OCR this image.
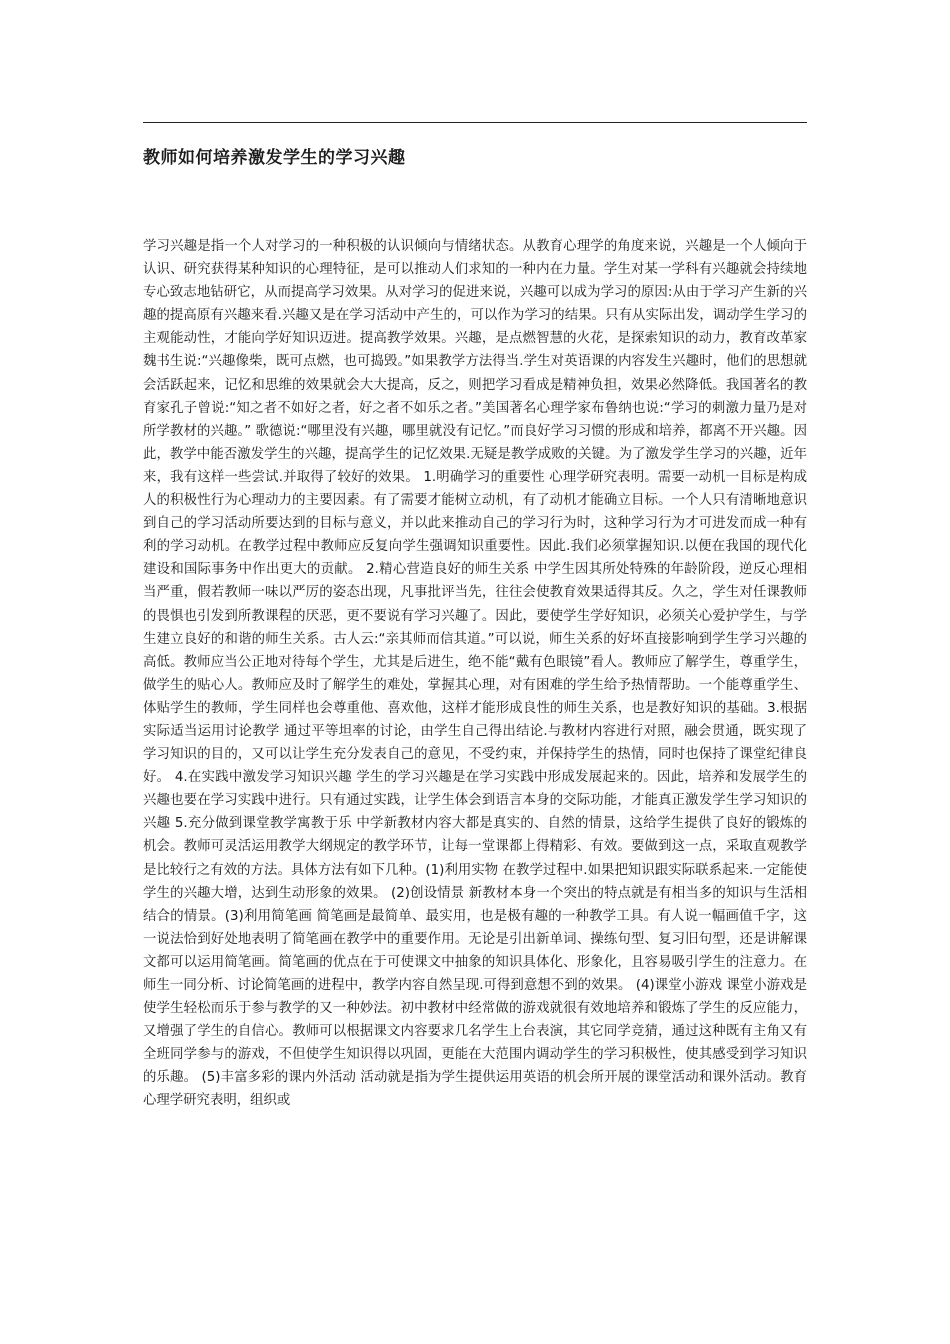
教师如何培养激发学生的学习兴趣

学习兴趣是指一个人对学习的一种积极的认识倾向与情绪状态。从教育心理学的角度来说，兴趣是一个人倾向于认识、研究获得某种知识的心理特征，是可以推动人们求知的一种内在力量。学生对某一学科有兴趣就会持续地专心致志地钻研它，从而提高学习效果。从对学习的促进来说，兴趣可以成为学习的原因:从由于学习产生新的兴趣的提高原有兴趣来看.兴趣又是在学习活动中产生的，可以作为学习的结果。只有从实际出发，调动学生学习的主观能动性，才能向学好知识迈进。提高教学效果。兴趣，是点燃智慧的火花，是探索知识的动力，教育改革家魏书生说:“兴趣像柴，既可点燃，也可捣毁。”如果教学方法得当.学生对英语课的内容发生兴趣时，他们的思想就会活跃起来，记忆和思维的效果就会大大提高，反之，则把学习看成是精神负担，效果必然降低。我国著名的教育家孔子曾说:“知之者不如好之者，好之者不如乐之者。”美国著名心理学家布鲁纳也说:“学习的刺激力量乃是对所学教材的兴趣。” 歌德说:“哪里没有兴趣，哪里就没有记忆。”而良好学习习惯的形成和培养，都离不开兴趣。因此，教学中能否激发学生的兴趣，提高学生的记忆效果.无疑是教学成败的关键。为了激发学生学习的兴趣，近年来，我有这样一些尝试.并取得了较好的效果。 1.明确学习的重要性 心理学研究表明。需要一动机一目标是构成人的积极性行为心理动力的主要因素。有了需要才能树立动机，有了动机才能确立目标。一个人只有清晰地意识到自己的学习活动所要达到的目标与意义，并以此来推动自己的学习行为时，这种学习行为才可进发而成一种有利的学习动机。在教学过程中教师应反复向学生强调知识重要性。因此.我们必须掌握知识.以便在我国的现代化建设和国际事务中作出更大的贡献。 2.精心营造良好的师生关系 中学生因其所处特殊的年龄阶段，逆反心理相当严重，假若教师一味以严厉的姿态出现，凡事批评当先，往往会使教育效果适得其反。久之，学生对任课教师的畏惧也引发到所教课程的厌恶，更不要说有学习兴趣了。因此，要使学生学好知识，必须关心爱护学生，与学生建立良好的和谐的师生关系。古人云:“亲其师而信其道。”可以说，师生关系的好坏直接影响到学生学习兴趣的高低。教师应当公正地对待每个学生，尤其是后进生，绝不能“戴有色眼镜”看人。教师应了解学生，尊重学生，做学生的贴心人。教师应及时了解学生的难处，掌握其心理，对有困难的学生给予热情帮助。一个能尊重学生、体贴学生的教师，学生同样也会尊重他、喜欢他，这样才能形成良性的师生关系，也是教好知识的基础。3.根据实际适当运用讨论教学 通过平等坦率的讨论，由学生自己得出结论.与教材内容进行对照，融会贯通，既实现了学习知识的目的，又可以让学生充分发表自己的意见，不受约束，并保持学生的热情，同时也保持了课堂纪律良好。 4.在实践中激发学习知识兴趣 学生的学习兴趣是在学习实践中形成发展起来的。因此，培养和发展学生的兴趣也要在学习实践中进行。只有通过实践，让学生体会到语言本身的交际功能，才能真正激发学生学习知识的兴趣 5.充分做到课堂教学寓教于乐 中学新教材内容大都是真实的、自然的情景，这给学生提供了良好的锻炼的机会。教师可灵活运用教学大纲规定的教学环节，让每一堂课都上得精彩、有效。要做到这一点，采取直观教学是比较行之有效的方法。具体方法有如下几种。(1)利用实物 在教学过程中.如果把知识跟实际联系起来.一定能使学生的兴趣大增，达到生动形象的效果。 (2)创设情景 新教材本身一个突出的特点就是有相当多的知识与生活相结合的情景。(3)利用简笔画 简笔画是最简单、最实用，也是极有趣的一种教学工具。有人说一幅画值千字，这一说法恰到好处地表明了简笔画在教学中的重要作用。无论是引出新单词、操练句型、复习旧句型，还是讲解课文都可以运用简笔画。简笔画的优点在于可使课文中抽象的知识具体化、形象化，且容易吸引学生的注意力。在师生一同分析、讨论简笔画的进程中，教学内容自然呈现.可得到意想不到的效果。 (4)课堂小游戏 课堂小游戏是使学生轻松而乐于参与教学的又一种妙法。初中教材中经常做的游戏就很有效地培养和锻炼了学生的反应能力，又增强了学生的自信心。教师可以根据课文内容要求几名学生上台表演，其它同学竞猜，通过这种既有主角又有全班同学参与的游戏，不但使学生知识得以巩固，更能在大范围内调动学生的学习积极性，使其感受到学习知识的乐趣。 (5)丰富多彩的课内外活动 活动就是指为学生提供运用英语的机会所开展的课堂活动和课外活动。教育心理学研究表明，组织或
